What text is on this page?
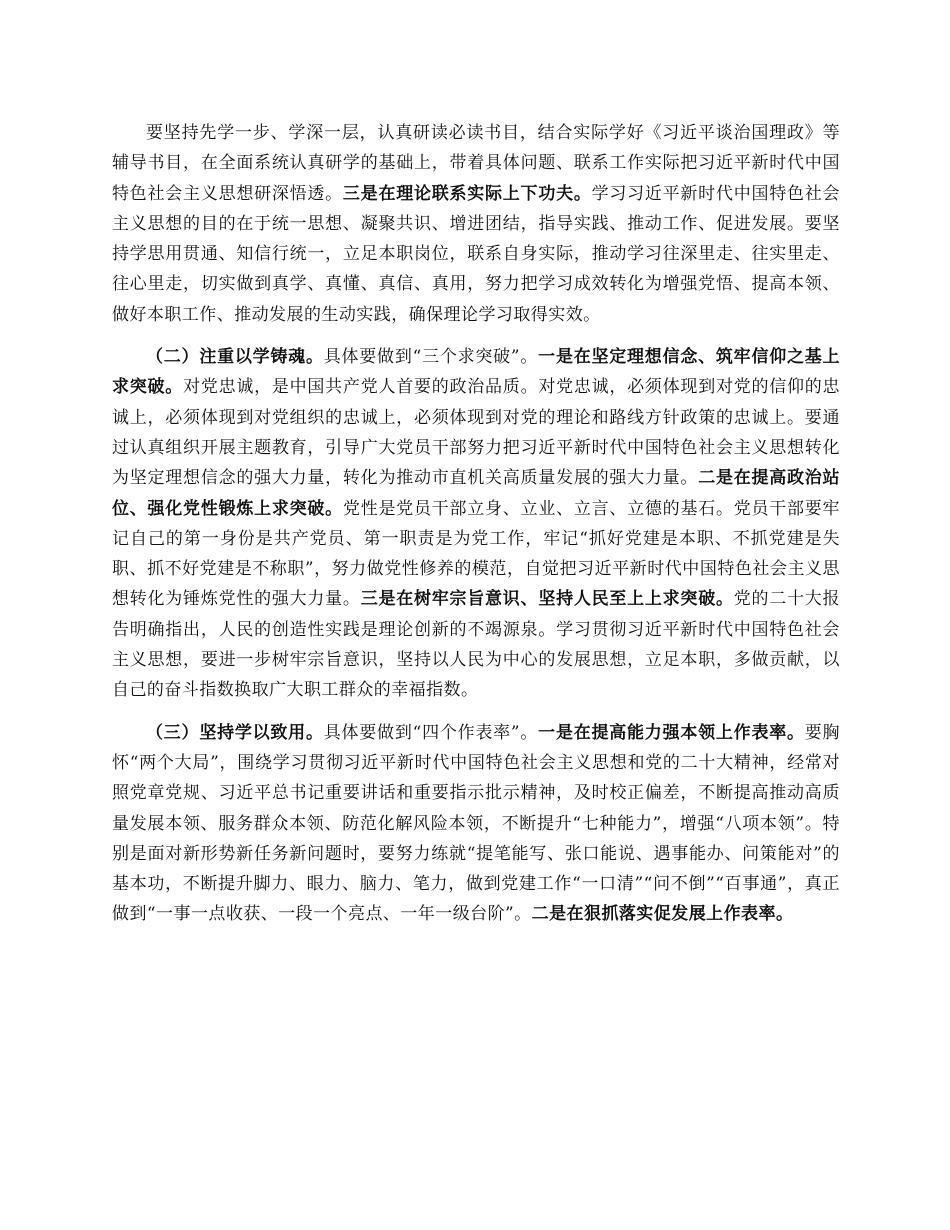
要坚持先学一步、学深一层，认真研读必读书目，结合实际学好《习近平谈治国理政》等辅导书目，在全面系统认真研学的基础上，带着具体问题、联系工作实际把习近平新时代中国特色社会主义思想研深悟透。三是在理论联系实际上下功夫。学习习近平新时代中国特色社会主义思想的目的在于统一思想、凝聚共识、增进团结，指导实践、推动工作、促进发展。要坚持学思用贯通、知信行统一，立足本职岗位，联系自身实际，推动学习往深里走、往实里走、往心里走，切实做到真学、真懂、真信、真用，努力把学习成效转化为增强党悟、提高本领、做好本职工作、推动发展的生动实践，确保理论学习取得实效。

（二）注重以学铸魂。具体要做到“三个求突破”。一是在坚定理想信念、筑牢信仰之基上求突破。对党忠诚，是中国共产党人首要的政治品质。对党忠诚，必须体现到对党的信仰的忠诚上，必须体现到对党组织的忠诚上，必须体现到对党的理论和路线方针政策的忠诚上。要通过认真组织开展主题教育，引导广大党员干部努力把习近平新时代中国特色社会主义思想转化为坚定理想信念的强大力量，转化为推动市直机关高质量发展的强大力量。二是在提高政治站位、强化党性锻炼上求突破。党性是党员干部立身、立业、立言、立德的基石。党员干部要牢记自己的第一身份是共产党员、第一职责是为党工作，牢记“抓好党建是本职、不抓党建是失职、抓不好党建是不称职”，努力做党性修养的模范，自觉把习近平新时代中国特色社会主义思想转化为锤炼党性的强大力量。三是在树牢宗旨意识、坚持人民至上上求突破。党的二十大报告明确指出，人民的创造性实践是理论创新的不竭源泉。学习贯彻习近平新时代中国特色社会主义思想，要进一步树牢宗旨意识，坚持以人民为中心的发展思想，立足本职，多做贡献，以自己的奋斗指数换取广大职工群众的幸福指数。

（三）坚持学以致用。具体要做到“四个作表率”。一是在提高能力强本领上作表率。要胸怀“两个大局”，围绕学习贯彻习近平新时代中国特色社会主义思想和党的二十大精神，经常对照党章党规、习近平总书记重要讲话和重要指示批示精神，及时校正偏差，不断提高推动高质量发展本领、服务群众本领、防范化解风险本领，不断提升“七种能力”，增强“八项本领”。特别是面对新形势新任务新问题时，要努力练就“提笔能写、张口能说、遇事能办、问策能对”的基本功，不断提升脚力、眼力、脑力、笔力，做到党建工作“一口清”“问不倒”“百事通”，真正做到“一事一点收获、一段一个亮点、一年一级台阶”。二是在狠抓落实促发展上作表率。
